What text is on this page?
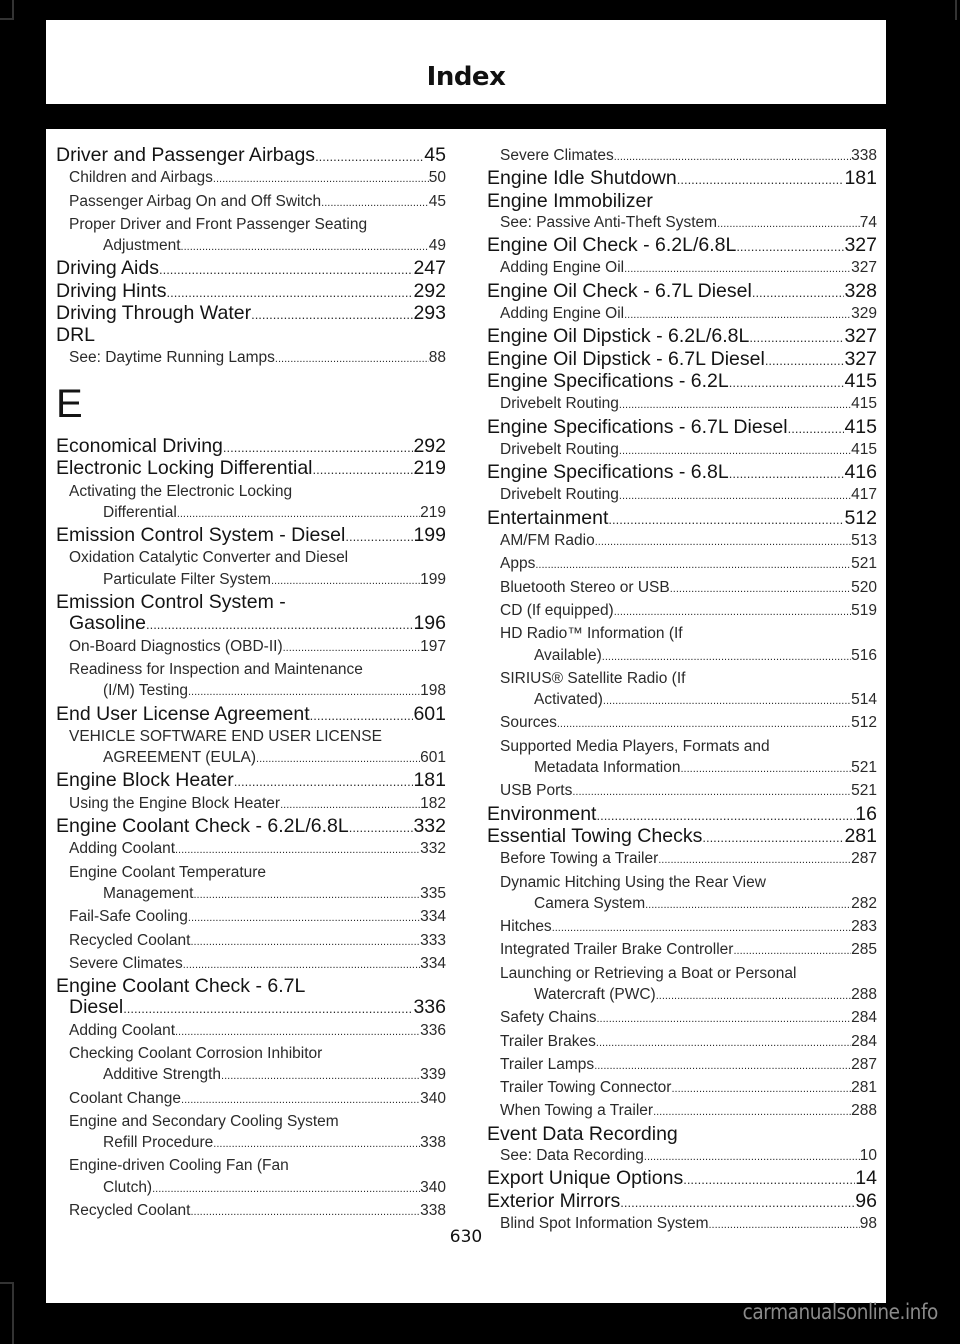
Index
Driver and Passenger Airbags .....	45
Children and Airbags .....	50
Passenger Airbag On and Off Switch .....	45
Proper Driver and Front Passenger Seating
Adjustment .....	49
Driving Aids .....	247
Driving Hints .....	292
Driving Through Water .....	293
DRL
See: Daytime Running Lamps .....	88
E
Economical Driving .....	292
Electronic Locking Differential .....	219
Activating the Electronic Locking
Differential .....	219
Emission Control System - Diesel .....	199
Oxidation Catalytic Converter and Diesel
Particulate Filter System .....	199
Emission Control System -
Gasoline .....	196
On-Board Diagnostics (OBD-II) .....	197
Readiness for Inspection and Maintenance
(I/M) Testing .....	198
End User License Agreement .....	601
VEHICLE SOFTWARE END USER LICENSE
AGREEMENT (EULA) .....	601
Engine Block Heater .....	181
Using the Engine Block Heater .....	182
Engine Coolant Check - 6.2L/6.8L .....	332
Adding Coolant .....	332
Engine Coolant Temperature
Management .....	335
Fail-Safe Cooling .....	334
Recycled Coolant .....	333
Severe Climates .....	334
Engine Coolant Check - 6.7L
Diesel .....	336
Adding Coolant .....	336
Checking Coolant Corrosion Inhibitor
Additive Strength .....	339
Coolant Change .....	340
Engine and Secondary Cooling System
Refill Procedure .....	338
Engine-driven Cooling Fan (Fan
Clutch) .....	340
Recycled Coolant .....	338
Severe Climates .....	338
Engine Idle Shutdown .....	181
Engine Immobilizer
See: Passive Anti-Theft System .....	74
Engine Oil Check - 6.2L/6.8L .....	327
Adding Engine Oil .....	327
Engine Oil Check - 6.7L Diesel .....	328
Adding Engine Oil .....	329
Engine Oil Dipstick - 6.2L/6.8L .....	327
Engine Oil Dipstick - 6.7L Diesel .....	327
Engine Specifications - 6.2L .....	415
Drivebelt Routing .....	415
Engine Specifications - 6.7L Diesel .....	415
Drivebelt Routing .....	415
Engine Specifications - 6.8L .....	416
Drivebelt Routing .....	417
Entertainment .....	512
AM/FM Radio .....	513
Apps .....	521
Bluetooth Stereo or USB .....	520
CD (If equipped) .....	519
HD Radio™ Information (If
Available) .....	516
SIRIUS® Satellite Radio (If
Activated) .....	514
Sources .....	512
Supported Media Players, Formats and
Metadata Information .....	521
USB Ports .....	521
Environment .....	16
Essential Towing Checks .....	281
Before Towing a Trailer .....	287
Dynamic Hitching Using the Rear View
Camera System .....	282
Hitches .....	283
Integrated Trailer Brake Controller .....	285
Launching or Retrieving a Boat or Personal
Watercraft (PWC) .....	288
Safety Chains .....	284
Trailer Brakes .....	284
Trailer Lamps .....	287
Trailer Towing Connector .....	281
When Towing a Trailer .....	288
Event Data Recording
See: Data Recording .....	10
Export Unique Options .....	14
Exterior Mirrors .....	96
Blind Spot Information System .....	98
630
carmanualsonline.info
